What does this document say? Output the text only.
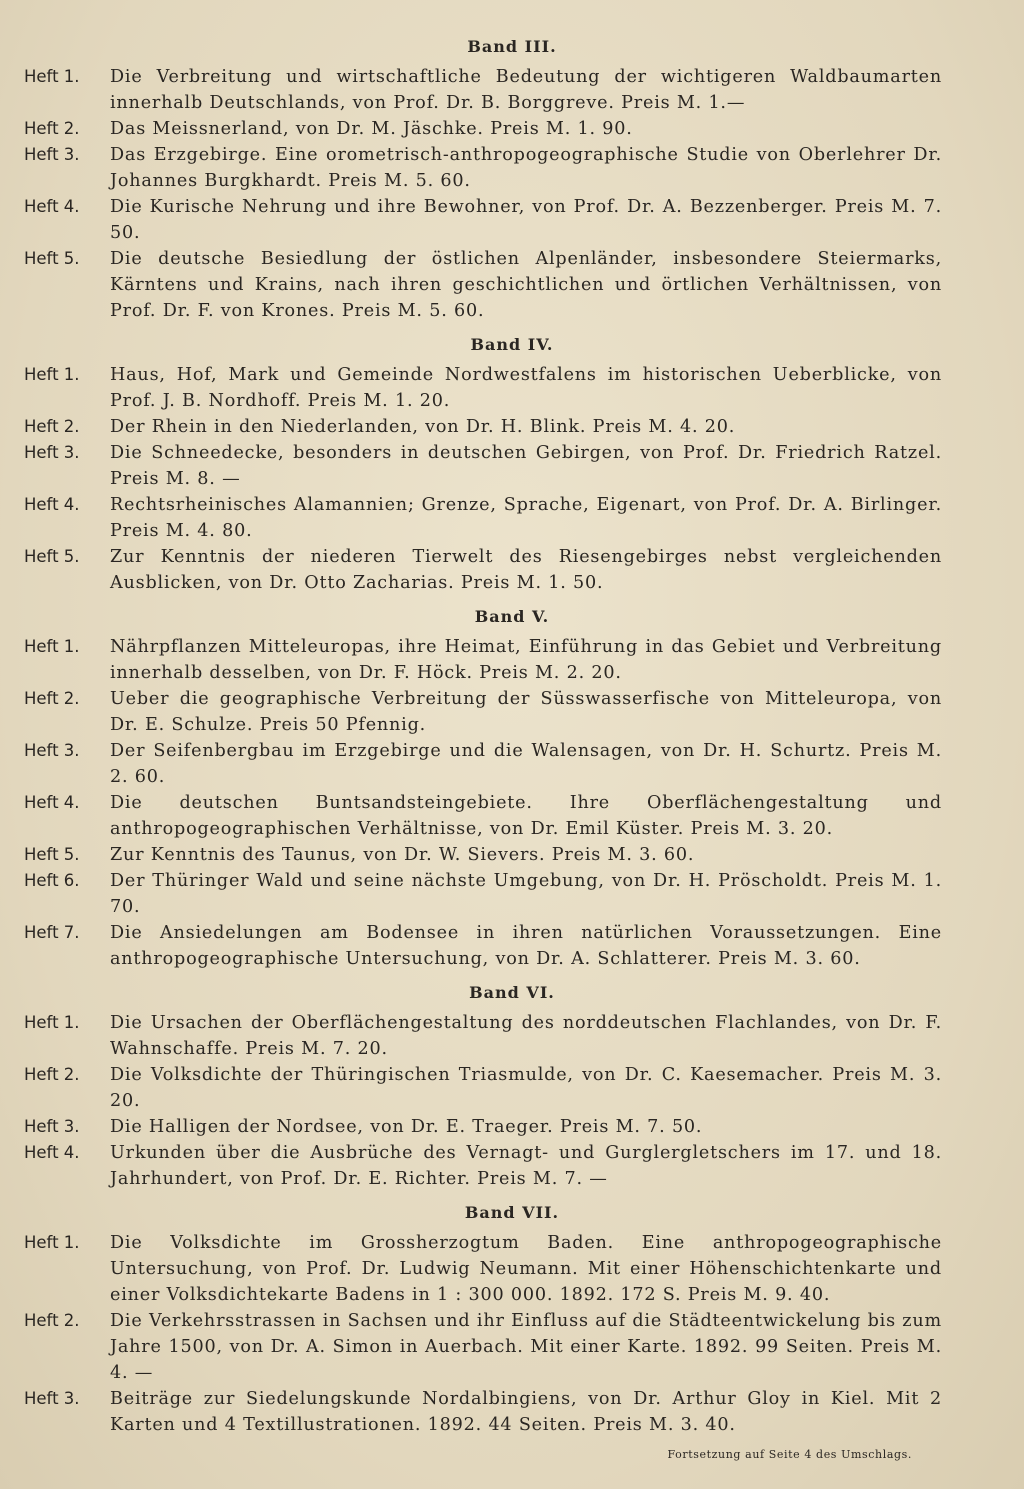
Band III.
Heft 1.	Die Verbreitung und wirtschaftliche Bedeutung der wichtigeren Waldbaumarten innerhalb Deutschlands, von Prof. Dr. B. Borggreve. Preis M. 1.—
Heft 2.	Das Meissnerland, von Dr. M. Jäschke. Preis M. 1. 90.
Heft 3.	Das Erzgebirge. Eine orometrisch-anthropogeographische Studie von Oberlehrer Dr. Johannes Burgkhardt. Preis M. 5. 60.
Heft 4.	Die Kurische Nehrung und ihre Bewohner, von Prof. Dr. A. Bezzenberger. Preis M. 7. 50.
Heft 5.	Die deutsche Besiedlung der östlichen Alpenländer, insbesondere Steiermarks, Kärntens und Krains, nach ihren geschichtlichen und örtlichen Verhältnissen, von Prof. Dr. F. von Krones. Preis M. 5. 60.
Band IV.
Heft 1.	Haus, Hof, Mark und Gemeinde Nordwestfalens im historischen Ueberblicke, von Prof. J. B. Nordhoff. Preis M. 1. 20.
Heft 2.	Der Rhein in den Niederlanden, von Dr. H. Blink. Preis M. 4. 20.
Heft 3.	Die Schneedecke, besonders in deutschen Gebirgen, von Prof. Dr. Friedrich Ratzel. Preis M. 8. —
Heft 4.	Rechtsrheinisches Alamannien; Grenze, Sprache, Eigenart, von Prof. Dr. A. Birlinger. Preis M. 4. 80.
Heft 5.	Zur Kenntnis der niederen Tierwelt des Riesengebirges nebst vergleichenden Ausblicken, von Dr. Otto Zacharias. Preis M. 1. 50.
Band V.
Heft 1.	Nährpflanzen Mitteleuropas, ihre Heimat, Einführung in das Gebiet und Verbreitung innerhalb desselben, von Dr. F. Höck. Preis M. 2. 20.
Heft 2.	Ueber die geographische Verbreitung der Süsswasserfische von Mitteleuropa, von Dr. E. Schulze. Preis 50 Pfennig.
Heft 3.	Der Seifenbergbau im Erzgebirge und die Walensagen, von Dr. H. Schurtz. Preis M. 2. 60.
Heft 4.	Die deutschen Buntsandsteingebiete. Ihre Oberflächengestaltung und anthropogeographischen Verhältnisse, von Dr. Emil Küster. Preis M. 3. 20.
Heft 5.	Zur Kenntnis des Taunus, von Dr. W. Sievers. Preis M. 3. 60.
Heft 6.	Der Thüringer Wald und seine nächste Umgebung, von Dr. H. Pröscholdt. Preis M. 1. 70.
Heft 7.	Die Ansiedelungen am Bodensee in ihren natürlichen Voraussetzungen. Eine anthropogeographische Untersuchung, von Dr. A. Schlatterer. Preis M. 3. 60.
Band VI.
Heft 1.	Die Ursachen der Oberflächengestaltung des norddeutschen Flachlandes, von Dr. F. Wahnschaffe. Preis M. 7. 20.
Heft 2.	Die Volksdichte der Thüringischen Triasmulde, von Dr. C. Kaesemacher. Preis M. 3. 20.
Heft 3.	Die Halligen der Nordsee, von Dr. E. Traeger. Preis M. 7. 50.
Heft 4.	Urkunden über die Ausbrüche des Vernagt- und Gurglergletschers im 17. und 18. Jahrhundert, von Prof. Dr. E. Richter. Preis M. 7. —
Band VII.
Heft 1.	Die Volksdichte im Grossherzogtum Baden. Eine anthropogeographische Untersuchung, von Prof. Dr. Ludwig Neumann. Mit einer Höhenschichtenkarte und einer Volksdichtekarte Badens in 1 : 300 000. 1892. 172 S. Preis M. 9. 40.
Heft 2.	Die Verkehrsstrassen in Sachsen und ihr Einfluss auf die Städteentwickelung bis zum Jahre 1500, von Dr. A. Simon in Auerbach. Mit einer Karte. 1892. 99 Seiten. Preis M. 4. —
Heft 3.	Beiträge zur Siedelungskunde Nordalbingiens, von Dr. Arthur Gloy in Kiel. Mit 2 Karten und 4 Textillustrationen. 1892. 44 Seiten. Preis M. 3. 40.
Fortsetzung auf Seite 4 des Umschlags.
